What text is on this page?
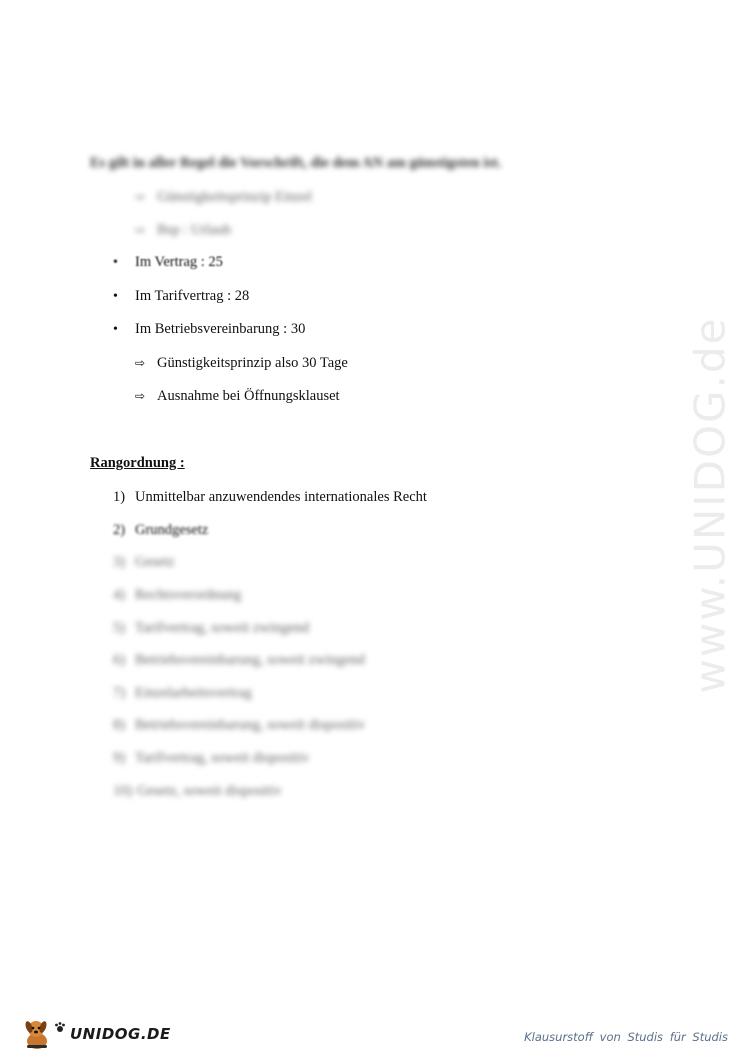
www.UNIDOG.de
Es gilt in aller Regel die Vorschrift, die dem AN am günstigsten ist.
⇨ Günstigkeitsprinzip Einzel
⇨ Bsp : Urlaub
• Im Vertrag : 25
• Im Tarifvertrag : 28
• Im Betriebsvereinbarung : 30
⇨ Günstigkeitsprinzip also 30 Tage
⇨ Ausnahme bei Öffnungsklauset
Rangordnung :
1) Unmittelbar anzuwendendes internationales Recht
2) Grundgesetz
3) Gesetz
4) Rechtsverordnung
5) Tarifvertrag, soweit zwingend
6) Betriebsvereinbarung, soweit zwingend
7) Einzelarbeitsvertrag
8) Betriebsvereinbarung, soweit dispositiv
9) Tarifvertrag, soweit dispositiv
10) Gesetz, soweit dispositiv
UNIDOG.DE	Klausurstoff von Studis für Studis
